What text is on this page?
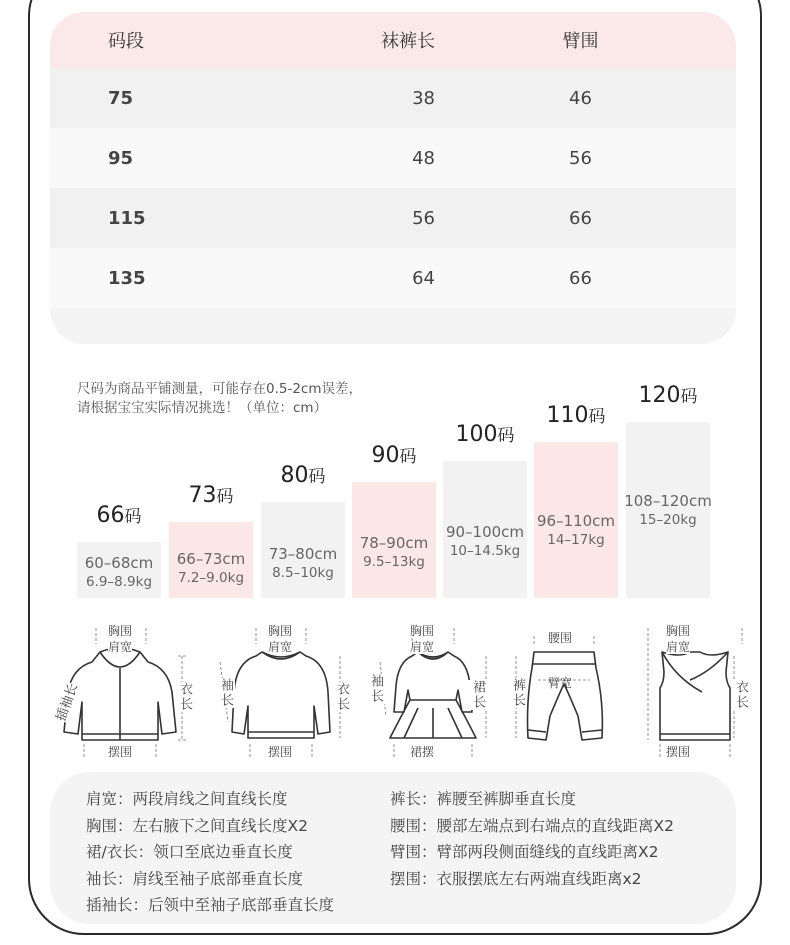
码段	袜裤长	臂围
75	38	46
95	48	56
115	56	66
135	64	66
尺码为商品平铺测量，可能存在0.5-2cm误差，
请根据宝宝实际情况挑选！（单位：cm）
66码
60–68cm
6.9–8.9kg
73码
66–73cm
7.2–9.0kg
80码
73–80cm
8.5–10kg
90码
78–90cm
9.5–13kg
100码
90–100cm
10–14.5kg
110码
96–110cm
14–17kg
120码
108–120cm
15–20kg
胸围
肩宽
插袖长	衣长
摆围
胸围
肩宽
袖长	衣长
摆围
胸围
肩宽
袖长	裙长
裙摆
腰围
臂宽
裤长
胸围
肩宽
衣长
摆围
肩宽：两段肩线之间直线长度
胸围：左右腋下之间直线长度X2
裙/衣长：领口至底边垂直长度
袖长：肩线至袖子底部垂直长度
插袖长：后领中至袖子底部垂直长度
裤长：裤腰至裤脚垂直长度
腰围：腰部左端点到右端点的直线距离X2
臂围：臂部两段侧面缝线的直线距离X2
摆围：衣服摆底左右两端直线距离x2
